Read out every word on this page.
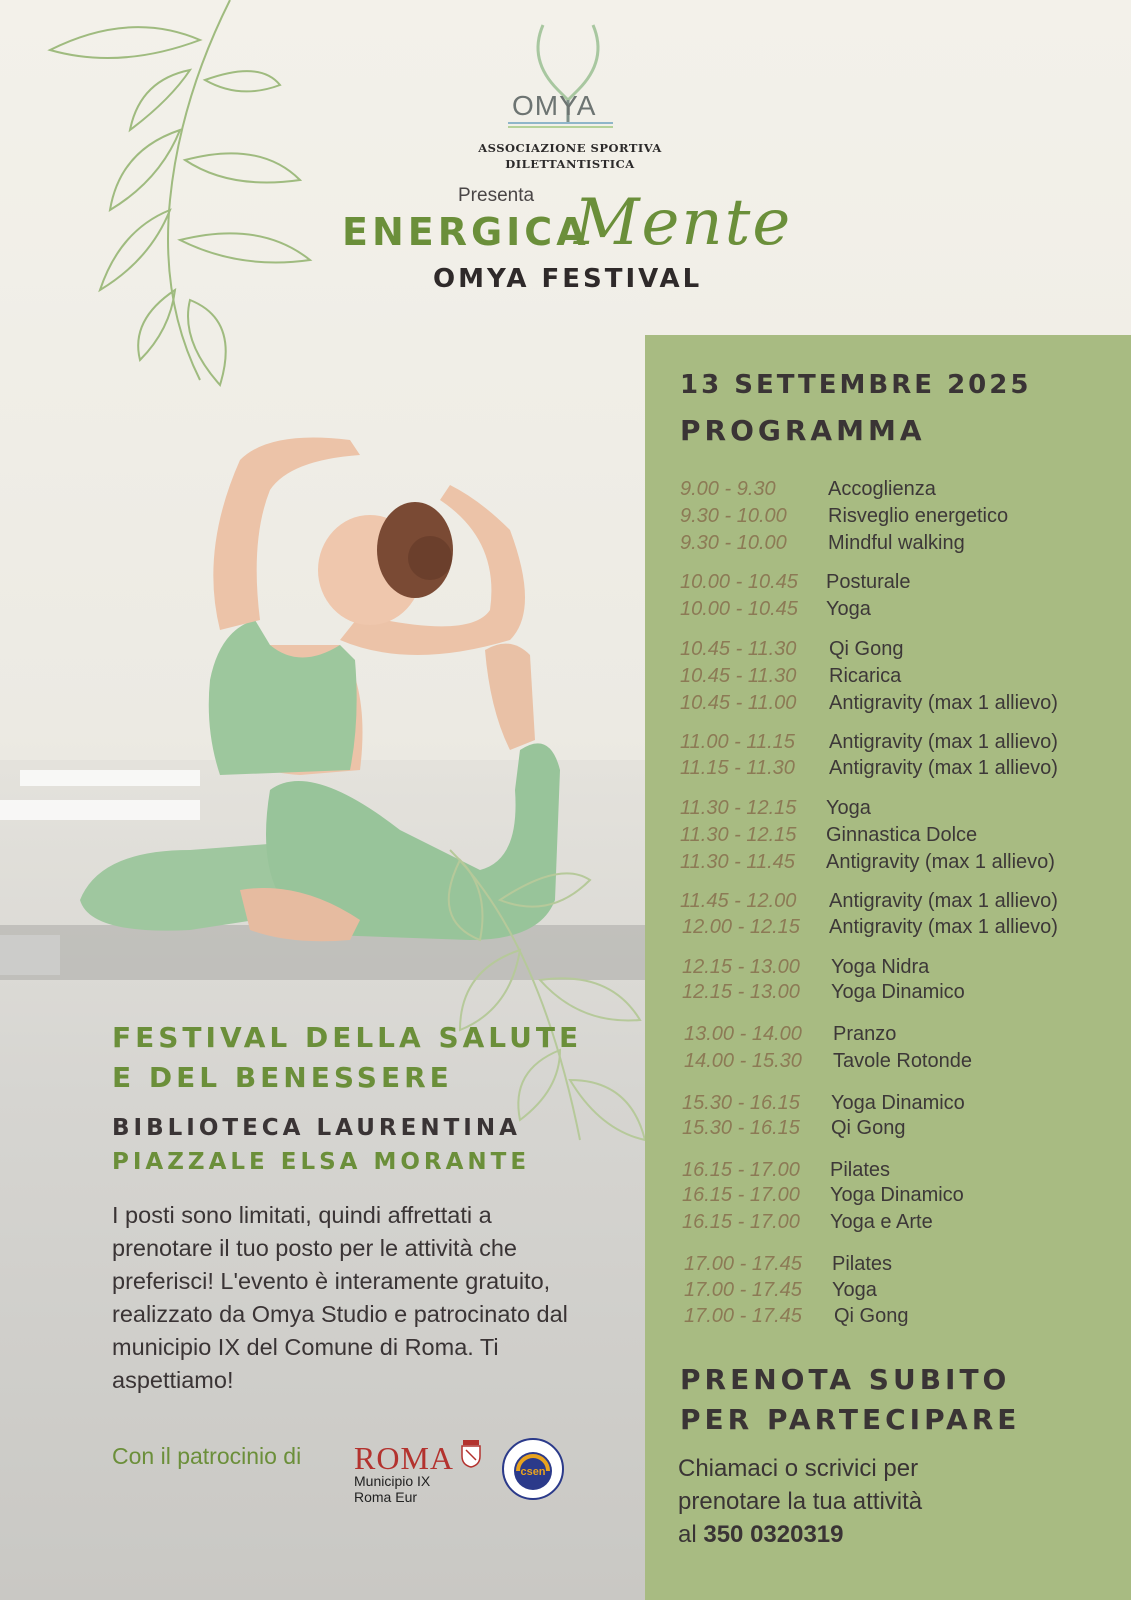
OMYA
ASSOCIAZIONE SPORTIVA
DILETTANTISTICA
Presenta
ENERGICA
Mente
OMYA FESTIVAL
13 SETTEMBRE 2025
PROGRAMMA
9.00 - 9.30	Accoglienza
9.30 - 10.00 Risveglio energetico
9.30 - 10.00 Mindful walking
10.00 - 10.45 Posturale
10.00 - 10.45 Yoga
10.45 - 11.30 Qi Gong
10.45 - 11.30 Ricarica
10.45 - 11.00 Antigravity (max 1 allievo)
11.00 - 11.15 Antigravity (max 1 allievo)
11.15 - 11.30 Antigravity (max 1 allievo)
11.30 - 12.15 Yoga
11.30 - 12.15 Ginnastica Dolce
11.30 - 11.45 Antigravity (max 1 allievo)
11.45 - 12.00 Antigravity (max 1 allievo)
12.00 - 12.15 Antigravity (max 1 allievo)
12.15 - 13.00 Yoga Nidra
12.15 - 13.00 Yoga Dinamico
13.00 - 14.00 Pranzo
14.00 - 15.30 Tavole Rotonde
15.30 - 16.15 Yoga Dinamico
15.30 - 16.15 Qi Gong
16.15 - 17.00 Pilates
16.15 - 17.00 Yoga Dinamico
16.15 - 17.00 Yoga e Arte
17.00 - 17.45 Pilates
17.00 - 17.45 Yoga
17.00 - 17.45 Qi Gong
PRENOTA SUBITO
PER PARTECIPARE
Chiamaci o scrivici per
prenotare la tua attività
al 350 0320319
FESTIVAL DELLA SALUTE
E DEL BENESSERE
BIBLIOTECA LAURENTINA
PIAZZALE ELSA MORANTE
I posti sono limitati, quindi affrettati a prenotare il tuo posto per le attività che preferisci! L'evento è interamente gratuito, realizzato da Omya Studio e patrocinato dal municipio IX del Comune di Roma. Ti aspettiamo!
Con il patrocinio di ROMA
Municipio IX
Roma Eur
csen
